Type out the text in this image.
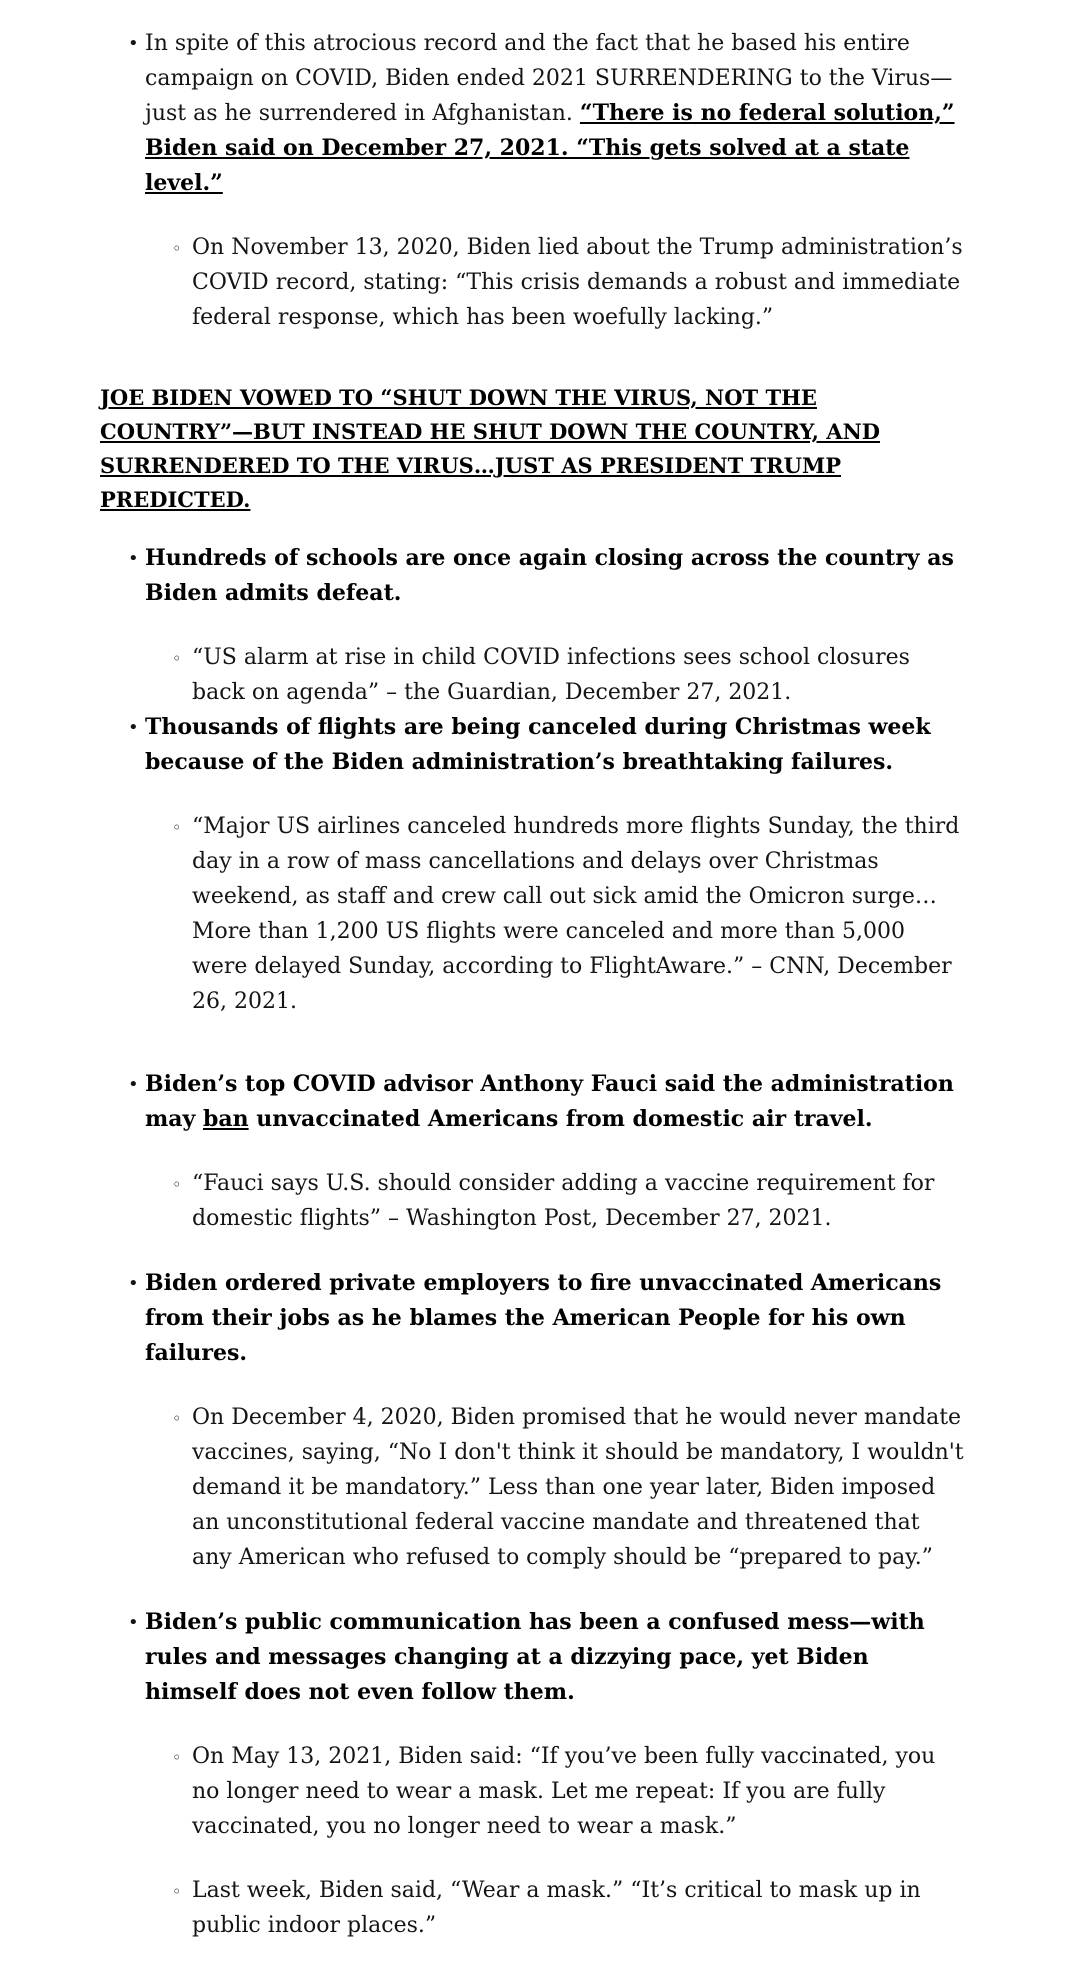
• In spite of this atrocious record and the fact that he based his entire campaign on COVID, Biden ended 2021 SURRENDERING to the Virus—just as he surrendered in Afghanistan. “There is no federal solution,” Biden said on December 27, 2021. “This gets solved at a state level.”

◦ On November 13, 2020, Biden lied about the Trump administration’s COVID record, stating: “This crisis demands a robust and immediate federal response, which has been woefully lacking.”

JOE BIDEN VOWED TO “SHUT DOWN THE VIRUS, NOT THE COUNTRY”—BUT INSTEAD HE SHUT DOWN THE COUNTRY, AND SURRENDERED TO THE VIRUS…JUST AS PRESIDENT TRUMP PREDICTED.
• Hundreds of schools are once again closing across the country as Biden admits defeat.

◦ “US alarm at rise in child COVID infections sees school closures back on agenda” – the Guardian, December 27, 2021.

• Thousands of flights are being canceled during Christmas week because of the Biden administration’s breathtaking failures.

◦ “Major US airlines canceled hundreds more flights Sunday, the third day in a row of mass cancellations and delays over Christmas weekend, as staff and crew call out sick amid the Omicron surge… More than 1,200 US flights were canceled and more than 5,000 were delayed Sunday, according to FlightAware.” – CNN, December 26, 2021.

• Biden’s top COVID advisor Anthony Fauci said the administration may ban unvaccinated Americans from domestic air travel.

◦ “Fauci says U.S. should consider adding a vaccine requirement for domestic flights” – Washington Post, December 27, 2021.

• Biden ordered private employers to fire unvaccinated Americans from their jobs as he blames the American People for his own failures.

◦ On December 4, 2020, Biden promised that he would never mandate vaccines, saying, “No I don't think it should be mandatory, I wouldn't demand it be mandatory.” Less than one year later, Biden imposed an unconstitutional federal vaccine mandate and threatened that any American who refused to comply should be “prepared to pay.”

• Biden’s public communication has been a confused mess—with rules and messages changing at a dizzying pace, yet Biden himself does not even follow them.

◦ On May 13, 2021, Biden said: “If you’ve been fully vaccinated, you no longer need to wear a mask. Let me repeat: If you are fully vaccinated, you no longer need to wear a mask.”

◦ Last week, Biden said, “Wear a mask.” “It’s critical to mask up in public indoor places.”
